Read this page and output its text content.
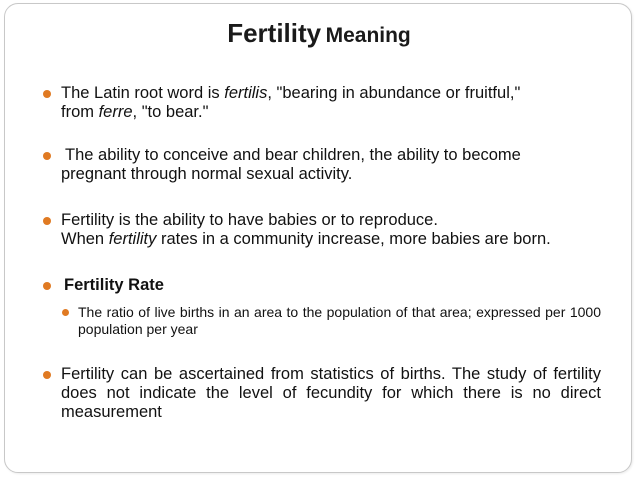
Fertility Meaning
The Latin root word is fertilis, "bearing in abundance or fruitful,"
from ferre, "to bear."
The ability to conceive and bear children, the ability to become
pregnant through normal sexual activity.
Fertility is the ability to have babies or to reproduce.
When fertility rates in a community increase, more babies are born.
Fertility Rate
The ratio of live births in an area to the population of that area; expressed per 1000 population per year
Fertility can be ascertained from statistics of births. The study of fertility does not indicate the level of fecundity for which there is no direct measurement
